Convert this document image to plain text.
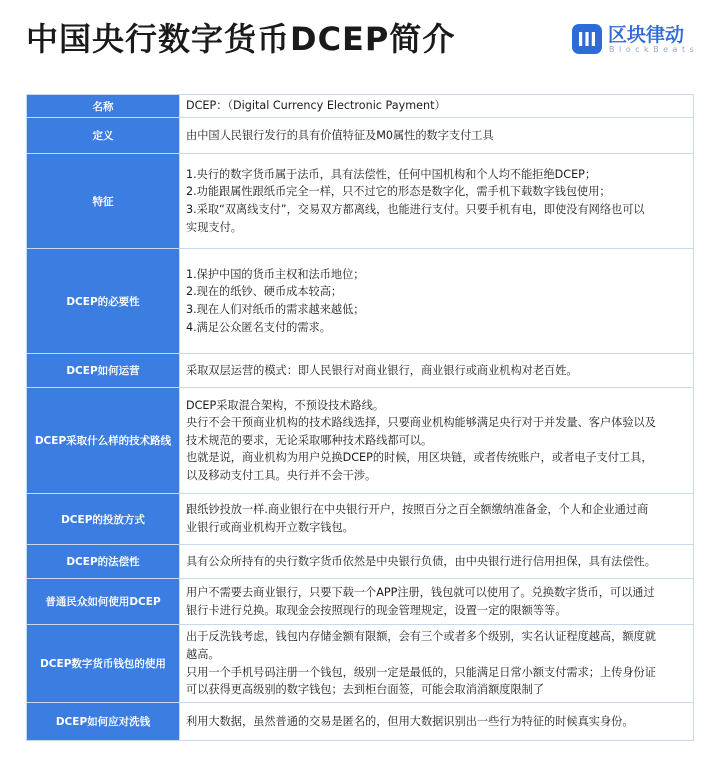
中国央行数字货币DCEP简介	区块律动
BlockBeats
名称	DCEP：（Digital Currency Electronic Payment）

定义	由中国人民银行发行的具有价值特征及M0属性的数字支付工具

特征	1.央行的数字货币属于法币，具有法偿性，任何中国机构和个人均不能拒绝DCEP；
2.功能跟属性跟纸币完全一样，只不过它的形态是数字化，需手机下载数字钱包使用；
3.采取“双离线支付”，交易双方都离线，也能进行支付。只要手机有电，即使没有网络也可以
实现支付。

DCEP的必要性	1.保护中国的货币主权和法币地位；
2.现在的纸钞、硬币成本较高；
3.现在人们对纸币的需求越来越低；
4.满足公众匿名支付的需求。

DCEP如何运营	采取双层运营的模式：即人民银行对商业银行，商业银行或商业机构对老百姓。

DCEP采取什么样的技术路线	DCEP采取混合架构，不预设技术路线。
央行不会干预商业机构的技术路线选择，只要商业机构能够满足央行对于并发量、客户体验以及
技术规范的要求，无论采取哪种技术路线都可以。
也就是说，商业机构为用户兑换DCEP的时候，用区块链，或者传统账户，或者电子支付工具，
以及移动支付工具。央行并不会干涉。

DCEP的投放方式	跟纸钞投放一样.商业银行在中央银行开户，按照百分之百全额缴纳准备金，个人和企业通过商
业银行或商业机构开立数字钱包。

DCEP的法偿性	具有公众所持有的央行数字货币依然是中央银行负债，由中央银行进行信用担保，具有法偿性。

普通民众如何使用DCEP	用户不需要去商业银行，只要下载一个APP注册，钱包就可以使用了。兑换数字货币，可以通过
银行卡进行兑换。取现金会按照现行的现金管理规定，设置一定的限额等等。

DCEP数字货币钱包的使用	出于反洗钱考虑，钱包内存储金额有限额，会有三个或者多个级别，实名认证程度越高，额度就
越高。
只用一个手机号码注册一个钱包，级别一定是最低的，只能满足日常小额支付需求；上传身份证
可以获得更高级别的数字钱包；去到柜台面签，可能会取消消额度限制了

DCEP如何应对洗钱	利用大数据，虽然普通的交易是匿名的，但用大数据识别出一些行为特征的时候真实身份。
